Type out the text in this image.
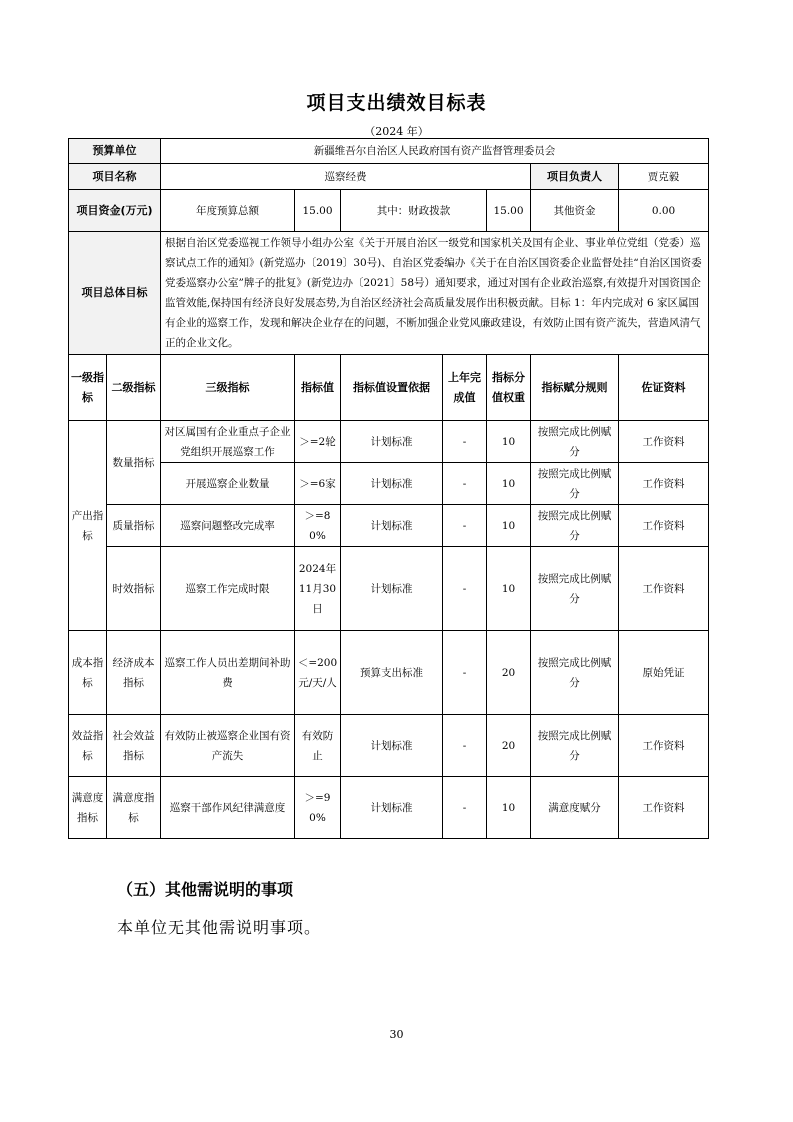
项目支出绩效目标表
（2024 年）
预算单位		新疆维吾尔自治区人民政府国有资产监督管理委员会						
项目名称		巡察经费					项目负责人	贾克毅
项目资金(万元)		年度预算总额	15.00	其中：财政拨款		15.00	其他资金	0.00
项目总体目标		根据自治区党委巡视工作领导小组办公室《关于开展自治区一级党和国家机关及国有企业、事业单位党组（党委）巡察试点工作的通知》(新党巡办〔2019〕30号)、自治区党委编办《关于在自治区国资委企业监督处挂“自治区国资委党委巡察办公室”牌子的批复》(新党边办〔2021〕58号）通知要求，通过对国有企业政治巡察,有效提升对国资国企监管效能,保持国有经济良好发展态势,为自治区经济社会高质量发展作出积极贡献。目标 1：年内完成对 6 家区属国有企业的巡察工作，发现和解决企业存在的问题，不断加强企业党风廉政建设，有效防止国有资产流失，营造风清气正的企业文化。						
一级指标	二级指标	三级指标	指标值	指标值设置依据	上年完成值	指标分值权重	指标赋分规则	佐证资料
产出指标	数量指标	对区属国有企业重点子企业党组织开展巡察工作	＞=2轮	计划标准	-	10	按照完成比例赋分	工作资料
		开展巡察企业数量	＞=6家	计划标准	-	10	按照完成比例赋分	工作资料
	质量指标	巡察问题整改完成率	＞=80%	计划标准	-	10	按照完成比例赋分	工作资料
	时效指标	巡察工作完成时限	2024年11月30日	计划标准	-	10	按照完成比例赋分	工作资料
成本指标	经济成本指标	巡察工作人员出差期间补助费	＜=200元/天/人	预算支出标准	-	20	按照完成比例赋分	原始凭证
效益指标	社会效益指标	有效防止被巡察企业国有资产流失	有效防止	计划标准	-	20	按照完成比例赋分	工作资料
满意度指标	满意度指标	巡察干部作风纪律满意度	＞=90%	计划标准	-	10	满意度赋分	工作资料
（五）其他需说明的事项
本单位无其他需说明事项。
30
